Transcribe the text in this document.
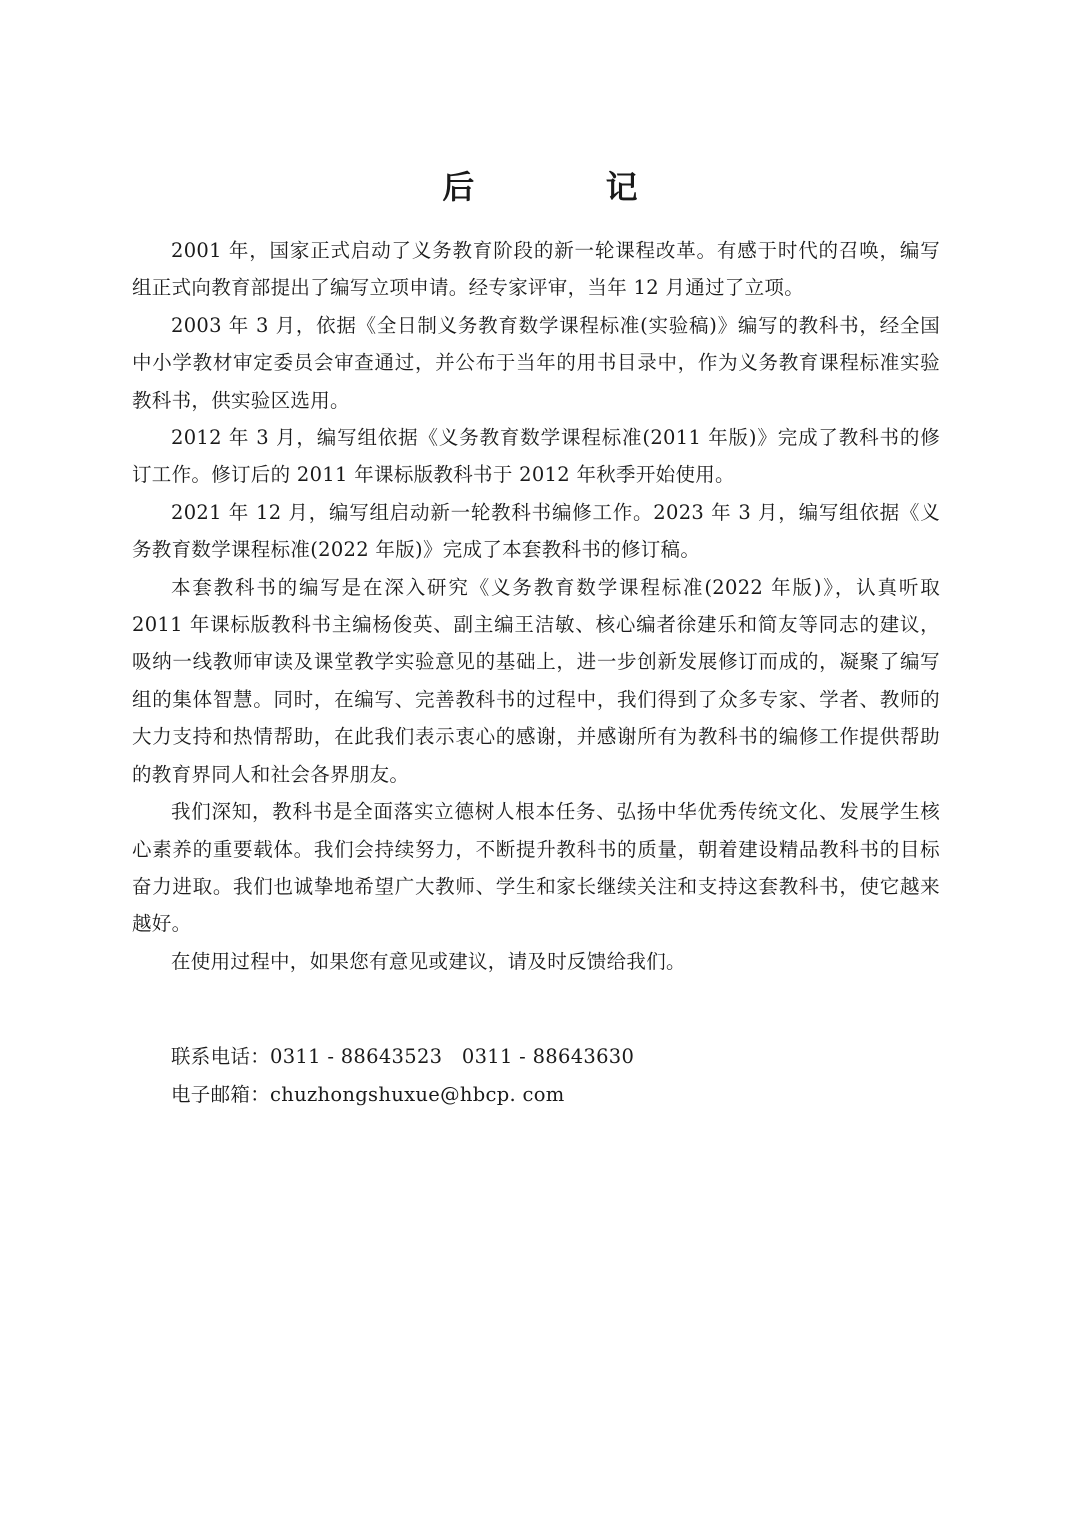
后 记

2001 年，国家正式启动了义务教育阶段的新一轮课程改革。有感于时代的召唤，编写组正式向教育部提出了编写立项申请。经专家评审，当年 12 月通过了立项。

2003 年 3 月，依据《全日制义务教育数学课程标准(实验稿)》编写的教科书，经全国中小学教材审定委员会审查通过，并公布于当年的用书目录中，作为义务教育课程标准实验教科书，供实验区选用。

2012 年 3 月，编写组依据《义务教育数学课程标准(2011 年版)》完成了教科书的修订工作。修订后的 2011 年课标版教科书于 2012 年秋季开始使用。

2021 年 12 月，编写组启动新一轮教科书编修工作。2023 年 3 月，编写组依据《义务教育数学课程标准(2022 年版)》完成了本套教科书的修订稿。

本套教科书的编写是在深入研究《义务教育数学课程标准(2022 年版)》，认真听取 2011 年课标版教科书主编杨俊英、副主编王洁敏、核心编者徐建乐和简友等同志的建议，吸纳一线教师审读及课堂教学实验意见的基础上，进一步创新发展修订而成的，凝聚了编写组的集体智慧。同时，在编写、完善教科书的过程中，我们得到了众多专家、学者、教师的大力支持和热情帮助，在此我们表示衷心的感谢，并感谢所有为教科书的编修工作提供帮助的教育界同人和社会各界朋友。

我们深知，教科书是全面落实立德树人根本任务、弘扬中华优秀传统文化、发展学生核心素养的重要载体。我们会持续努力，不断提升教科书的质量，朝着建设精品教科书的目标奋力进取。我们也诚挚地希望广大教师、学生和家长继续关注和支持这套教科书，使它越来越好。

在使用过程中，如果您有意见或建议，请及时反馈给我们。

联系电话：0311 - 88643523   0311 - 88643630
电子邮箱：chuzhongshuxue@hbcp. com
